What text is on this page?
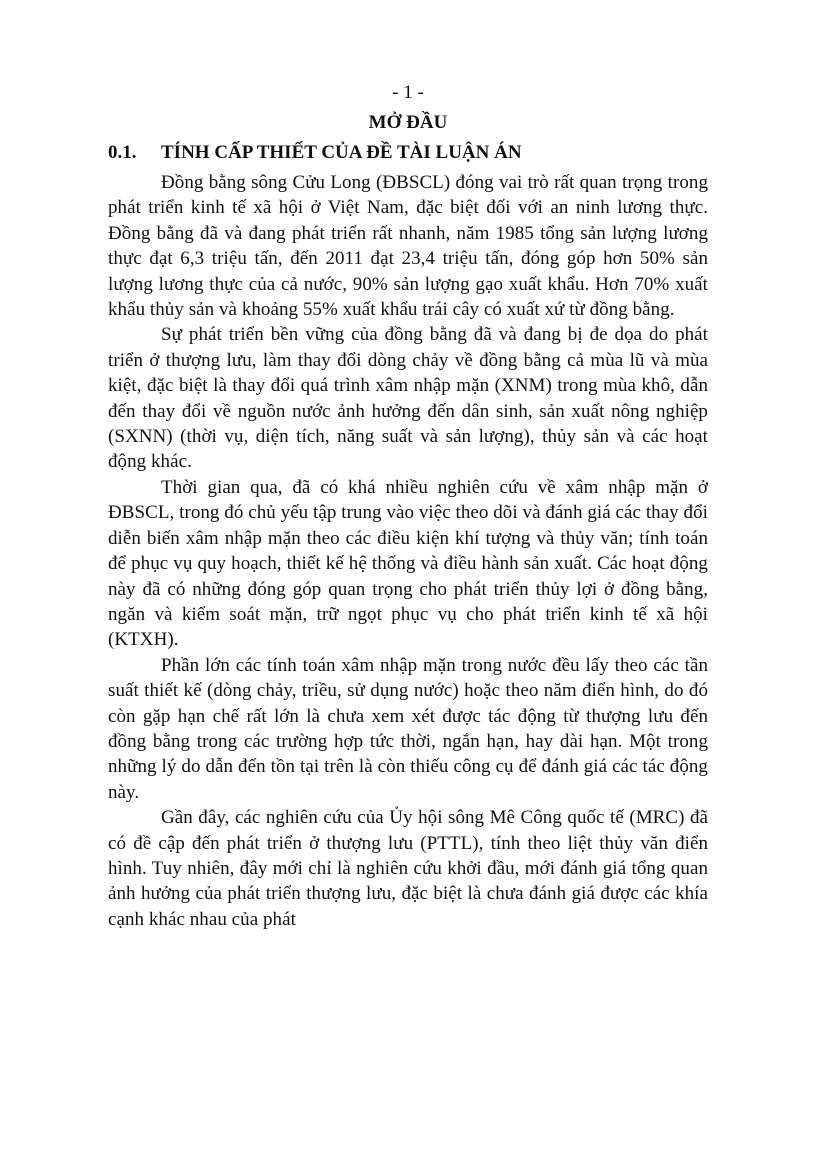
- 1 -

MỞ ĐẦU
0.1. TÍNH CẤP THIẾT CỦA ĐỀ TÀI LUẬN ÁN

Đồng bằng sông Cửu Long (ĐBSCL) đóng vai trò rất quan trọng trong phát triển kinh tế xã hội ở Việt Nam, đặc biệt đối với an ninh lương thực. Đồng bằng đã và đang phát triển rất nhanh, năm 1985 tổng sản lượng lương thực đạt 6,3 triệu tấn, đến 2011 đạt 23,4 triệu tấn, đóng góp hơn 50% sản lượng lương thực của cả nước, 90% sản lượng gạo xuất khẩu. Hơn 70% xuất khẩu thủy sản và khoảng 55% xuất khẩu trái cây có xuất xứ từ đồng bằng.

Sự phát triển bền vững của đồng bằng đã và đang bị đe dọa do phát triển ở thượng lưu, làm thay đổi dòng chảy về đồng bằng cả mùa lũ và mùa kiệt, đặc biệt là thay đổi quá trình xâm nhập mặn (XNM) trong mùa khô, dẫn đến thay đổi về nguồn nước ảnh hưởng đến dân sinh, sản xuất nông nghiệp (SXNN) (thời vụ, diện tích, năng suất và sản lượng), thủy sản và các hoạt động khác.

Thời gian qua, đã có khá nhiều nghiên cứu về xâm nhập mặn ở ĐBSCL, trong đó chủ yếu tập trung vào việc theo dõi và đánh giá các thay đổi diễn biến xâm nhập mặn theo các điều kiện khí tượng và thủy văn; tính toán để phục vụ quy hoạch, thiết kế hệ thống và điều hành sản xuất. Các hoạt động này đã có những đóng góp quan trọng cho phát triển thủy lợi ở đồng bằng, ngăn và kiểm soát mặn, trữ ngọt phục vụ cho phát triển kinh tế xã hội (KTXH).

Phần lớn các tính toán xâm nhập mặn trong nước đều lấy theo các tần suất thiết kế (dòng chảy, triều, sử dụng nước) hoặc theo năm điển hình, do đó còn gặp hạn chế rất lớn là chưa xem xét được tác động từ thượng lưu đến đồng bằng trong các trường hợp tức thời, ngắn hạn, hay dài hạn. Một trong những lý do dẫn đến tồn tại trên là còn thiếu công cụ để đánh giá các tác động này.

Gần đây, các nghiên cứu của Ủy hội sông Mê Công quốc tế (MRC) đã có đề cập đến phát triển ở thượng lưu (PTTL), tính theo liệt thủy văn điển hình. Tuy nhiên, đây mới chỉ là nghiên cứu khởi đầu, mới đánh giá tổng quan ảnh hưởng của phát triển thượng lưu, đặc biệt là chưa đánh giá được các khía cạnh khác nhau của phát
